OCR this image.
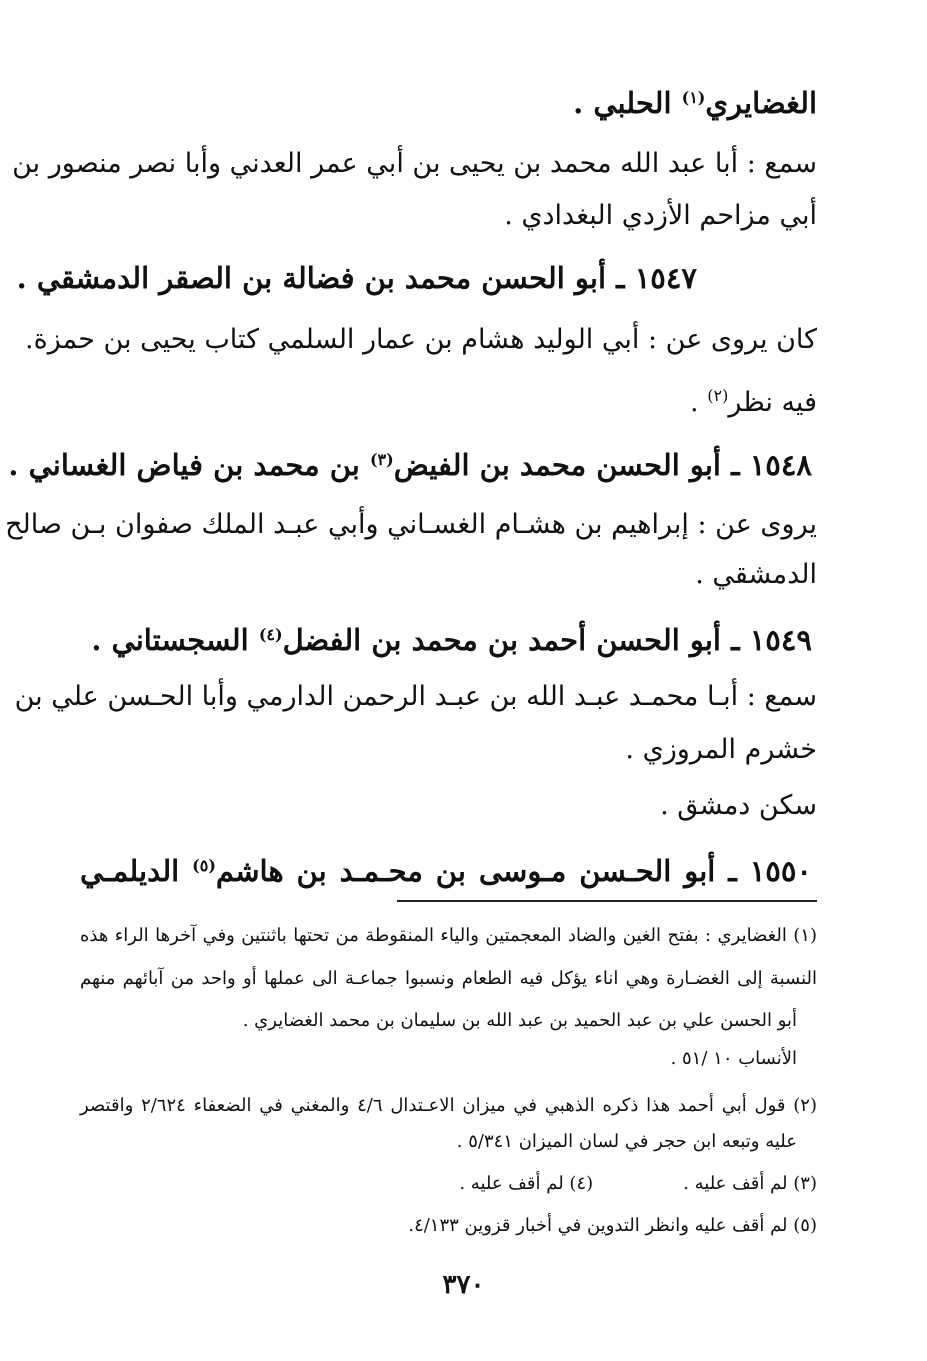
الغضايري$^{(١)}$ الحلبي .
سمع : أبا عبد الله محمد بن يحيى بن أبي عمر العدني وأبا نصر منصور بن
أبي مزاحم الأزدي البغدادي .
١٥٤٧ ـ أبو الحسن محمد بن فضالة بن الصقر الدمشقي .
كان يروى عن : أبي الوليد هشام بن عمار السلمي كتاب يحيى بن حمزة.
فيه نظر$^{(٢)}$ .
١٥٤٨ ـ أبو الحسن محمد بن الفيض$^{(٣)}$ بن محمد بن فياض الغساني .
يروى عن : إبراهيم بن هشـام الغسـاني وأبي عبـد الملك صفوان بـن صالح
الدمشقي .
١٥٤٩ ـ أبو الحسن أحمد بن محمد بن الفضل$^{(٤)}$ السجستاني .
سمع : أبـا محمـد عبـد الله بن عبـد الرحمن الدارمي وأبا الحـسن علي بن
خشرم المروزي .
سكن دمشق .
١٥٥٠ ـ أبو الحـسن مـوسى بن محـمـد بن هاشم$^{(٥)}$ الديلمـي
(١) الغضايري : بفتح الغين والضاد المعجمتين والياء المنقوطة من تحتها باثنتين وفي آخرها الراء هذه
النسبة إلى الغضـارة وهي اناء يؤكل فيه الطعام ونسبوا جماعـة الى عملها أو واحد من آبائهم منهم
أبو الحسن علي بن عبد الحميد بن عبد الله بن سليمان بن محمد الغضايري .
الأنساب ١٠ /٥١ .
(٢) قول أبي أحمد هذا ذكره الذهبي في ميزان الاعـتدال ٤/٦ والمغني في الضعفاء ٢/٦٢٤ واقتصر
عليه وتبعه ابن حجر في لسان الميزان ٥/٣٤١ .
(٣) لم أقف عليه .(٤) لم أقف عليه .
(٥) لم أقف عليه وانظر التدوين في أخبار قزوين ٤/١٣٣.
٣٧٠
